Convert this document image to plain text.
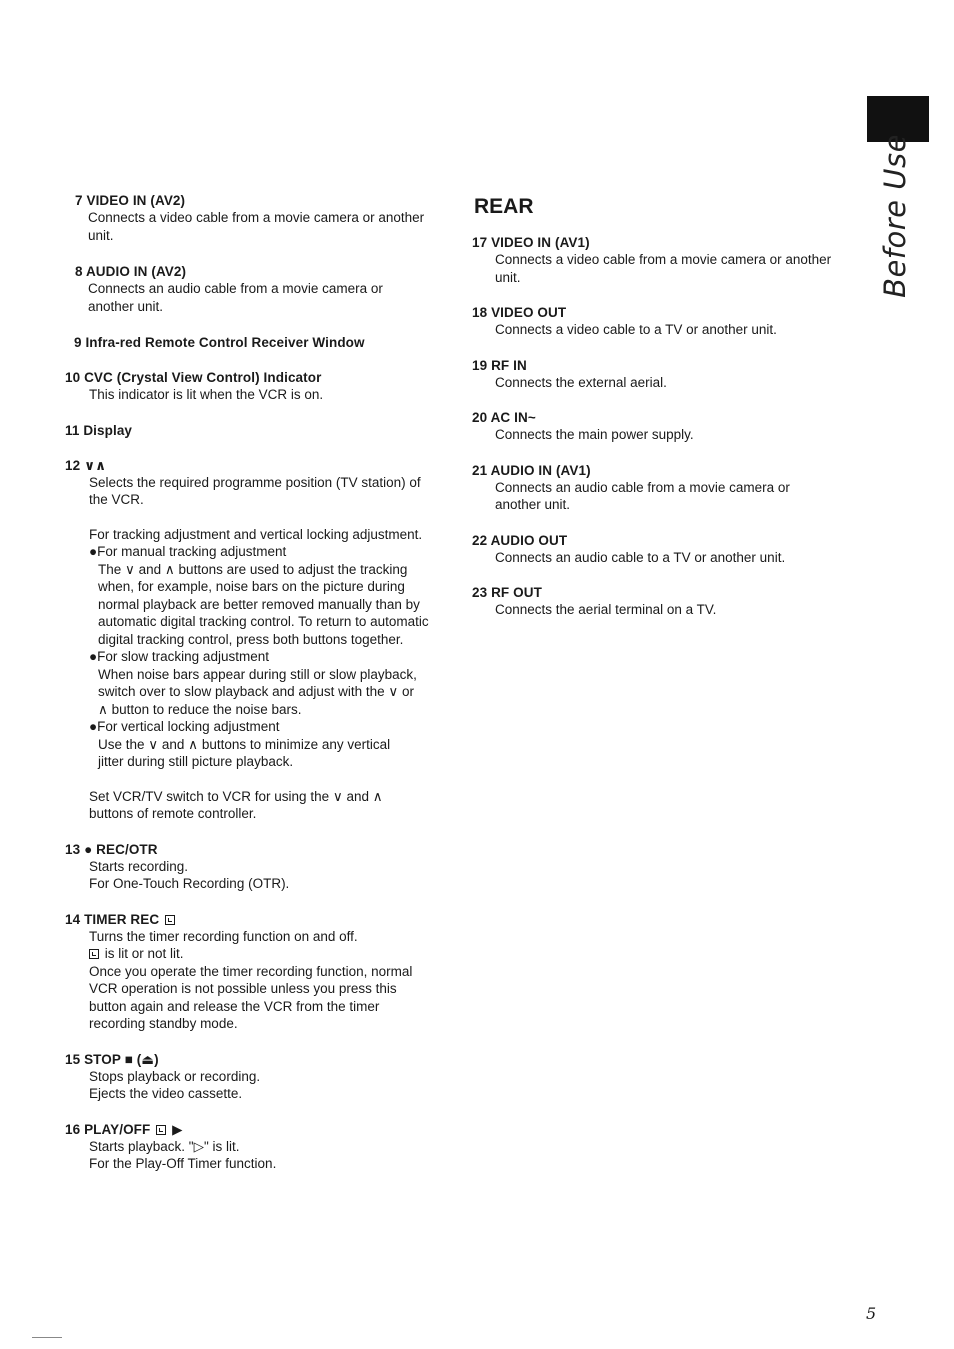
Before Use
7 VIDEO IN (AV2)

Connects a video cable from a movie camera or another

unit.

8 AUDIO IN (AV2)

Connects an audio cable from a movie camera or

another unit.

9 Infra-red Remote Control Receiver Window
10 CVC (Crystal View Control) Indicator

This indicator is lit when the VCR is on.

11 Display
12 ∨∧

Selects the required programme position (TV station) of

the VCR.

For tracking adjustment and vertical locking adjustment.

●For manual tracking adjustment

The ∨ and ∧ buttons are used to adjust the tracking

when, for example, noise bars on the picture during

normal playback are better removed manually than by

automatic digital tracking control. To return to automatic

digital tracking control, press both buttons together.

●For slow tracking adjustment

When noise bars appear during still or slow playback,

switch over to slow playback and adjust with the ∨ or

∧ button to reduce the noise bars.

●For vertical locking adjustment

Use the ∨ and ∧ buttons to minimize any vertical

jitter during still picture playback.

Set VCR/TV switch to VCR for using the ∨ and ∧

buttons of remote controller.

13 ● REC/OTR

Starts recording.

For One-Touch Recording (OTR).

14 TIMER REC

Turns the timer recording function on and off.

is lit or not lit.

Once you operate the timer recording function, normal

VCR operation is not possible unless you press this

button again and release the VCR from the timer

recording standby mode.

15 STOP ■ (⏏)

Stops playback or recording.

Ejects the video cassette.

16 PLAY/OFF ▶

Starts playback. "▷" is lit.

For the Play-Off Timer function.

REAR
17 VIDEO IN (AV1)

Connects a video cable from a movie camera or another

unit.

18 VIDEO OUT

Connects a video cable to a TV or another unit.

19 RF IN

Connects the external aerial.

20 AC IN~

Connects the main power supply.

21 AUDIO IN (AV1)

Connects an audio cable from a movie camera or

another unit.

22 AUDIO OUT

Connects an audio cable to a TV or another unit.

23 RF OUT

Connects the aerial terminal on a TV.

5
